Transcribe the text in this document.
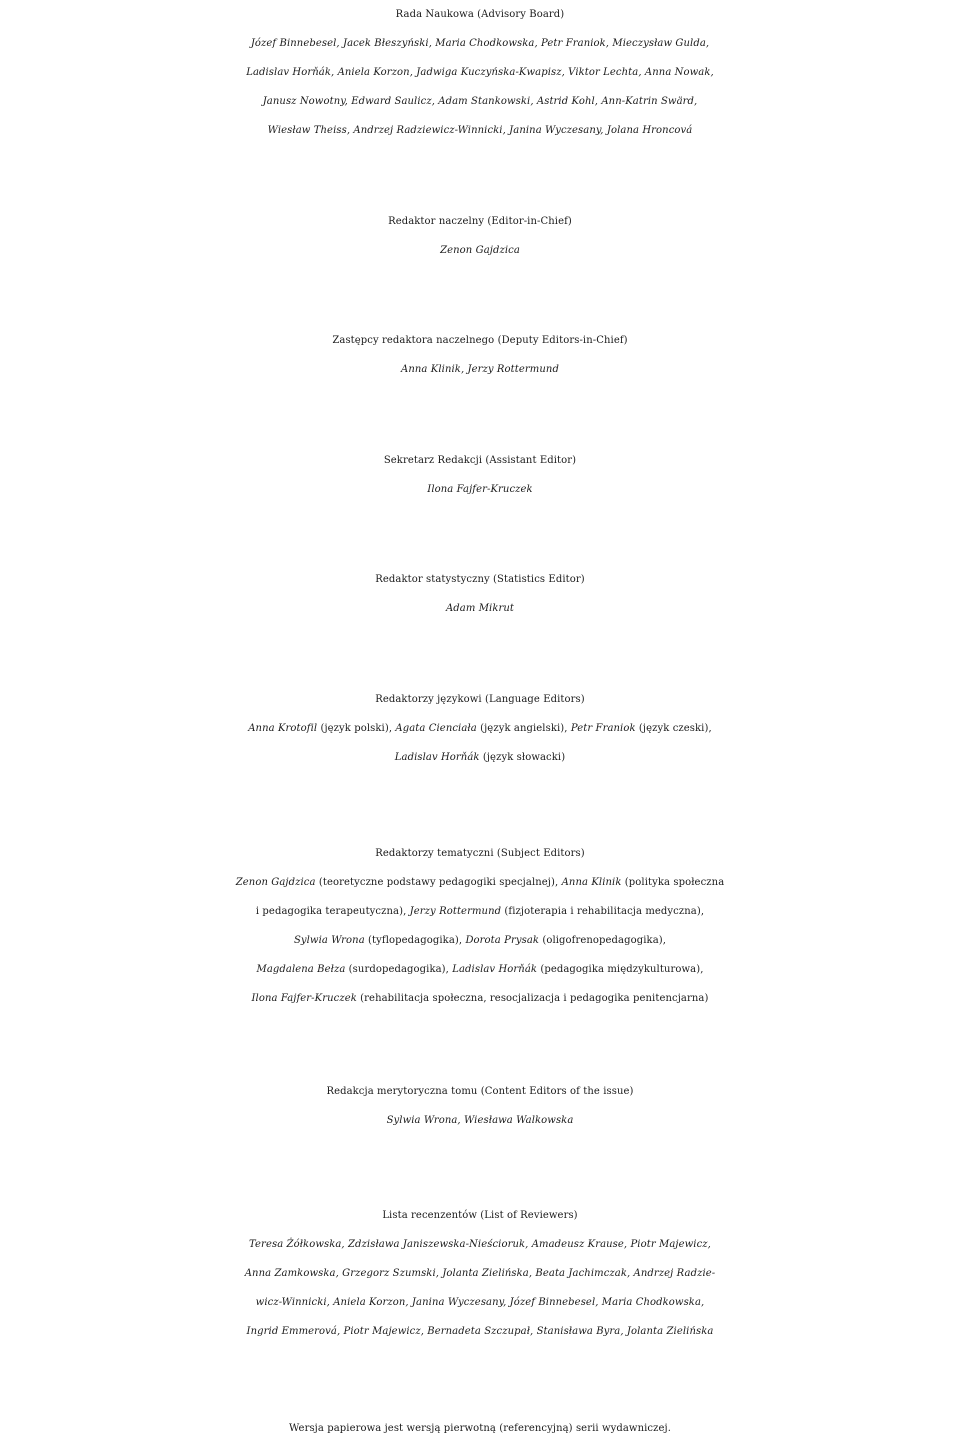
Rada Naukowa (Advisory Board)
Józef Binnebesel, Jacek Błeszyński, Maria Chodkowska, Petr Franiok, Mieczysław Gulda,
Ladislav Horňák, Aniela Korzon, Jadwiga Kuczyńska-Kwapisz, Viktor Lechta, Anna Nowak,
Janusz Nowotny, Edward Saulicz, Adam Stankowski, Astrid Kohl, Ann-Katrin Swärd,
Wiesław Theiss, Andrzej Radziewicz-Winnicki, Janina Wyczesany, Jolana Hroncová
Redaktor naczelny (Editor-in-Chief)
Zenon Gajdzica
Zastępcy redaktora naczelnego (Deputy Editors-in-Chief)
Anna Klinik, Jerzy Rottermund
Sekretarz Redakcji (Assistant Editor)
Ilona Fajfer-Kruczek
Redaktor statystyczny (Statistics Editor)
Adam Mikrut
Redaktorzy językowi (Language Editors)
Anna Krotofil (język polski), Agata Cienciała (język angielski), Petr Franiok (język czeski),
Ladislav Horňák (język słowacki)
Redaktorzy tematyczni (Subject Editors)
Zenon Gajdzica (teoretyczne podstawy pedagogiki specjalnej), Anna Klinik (polityka społeczna
i pedagogika terapeutyczna), Jerzy Rottermund (fizjoterapia i rehabilitacja medyczna),
Sylwia Wrona (tyflopedagogika), Dorota Prysak (oligofrenopedagogika),
Magdalena Bełza (surdopedagogika), Ladislav Horňák (pedagogika międzykulturowa),
Ilona Fajfer-Kruczek (rehabilitacja społeczna, resocjalizacja i pedagogika penitencjarna)
Redakcja merytoryczna tomu (Content Editors of the issue)
Sylwia Wrona, Wiesława Walkowska
Lista recenzentów (List of Reviewers)
Teresa Żółkowska, Zdzisława Janiszewska-Nieścioruk, Amadeusz Krause, Piotr Majewicz,
Anna Zamkowska, Grzegorz Szumski, Jolanta Zielińska, Beata Jachimczak, Andrzej Radzie-
wicz-Winnicki, Aniela Korzon, Janina Wyczesany, Józef Binnebesel, Maria Chodkowska,
Ingrid Emmerová, Piotr Majewicz, Bernadeta Szczupał, Stanisława Byra, Jolanta Zielińska
Wersja papierowa jest wersją pierwotną (referencyjną) serii wydawniczej.
